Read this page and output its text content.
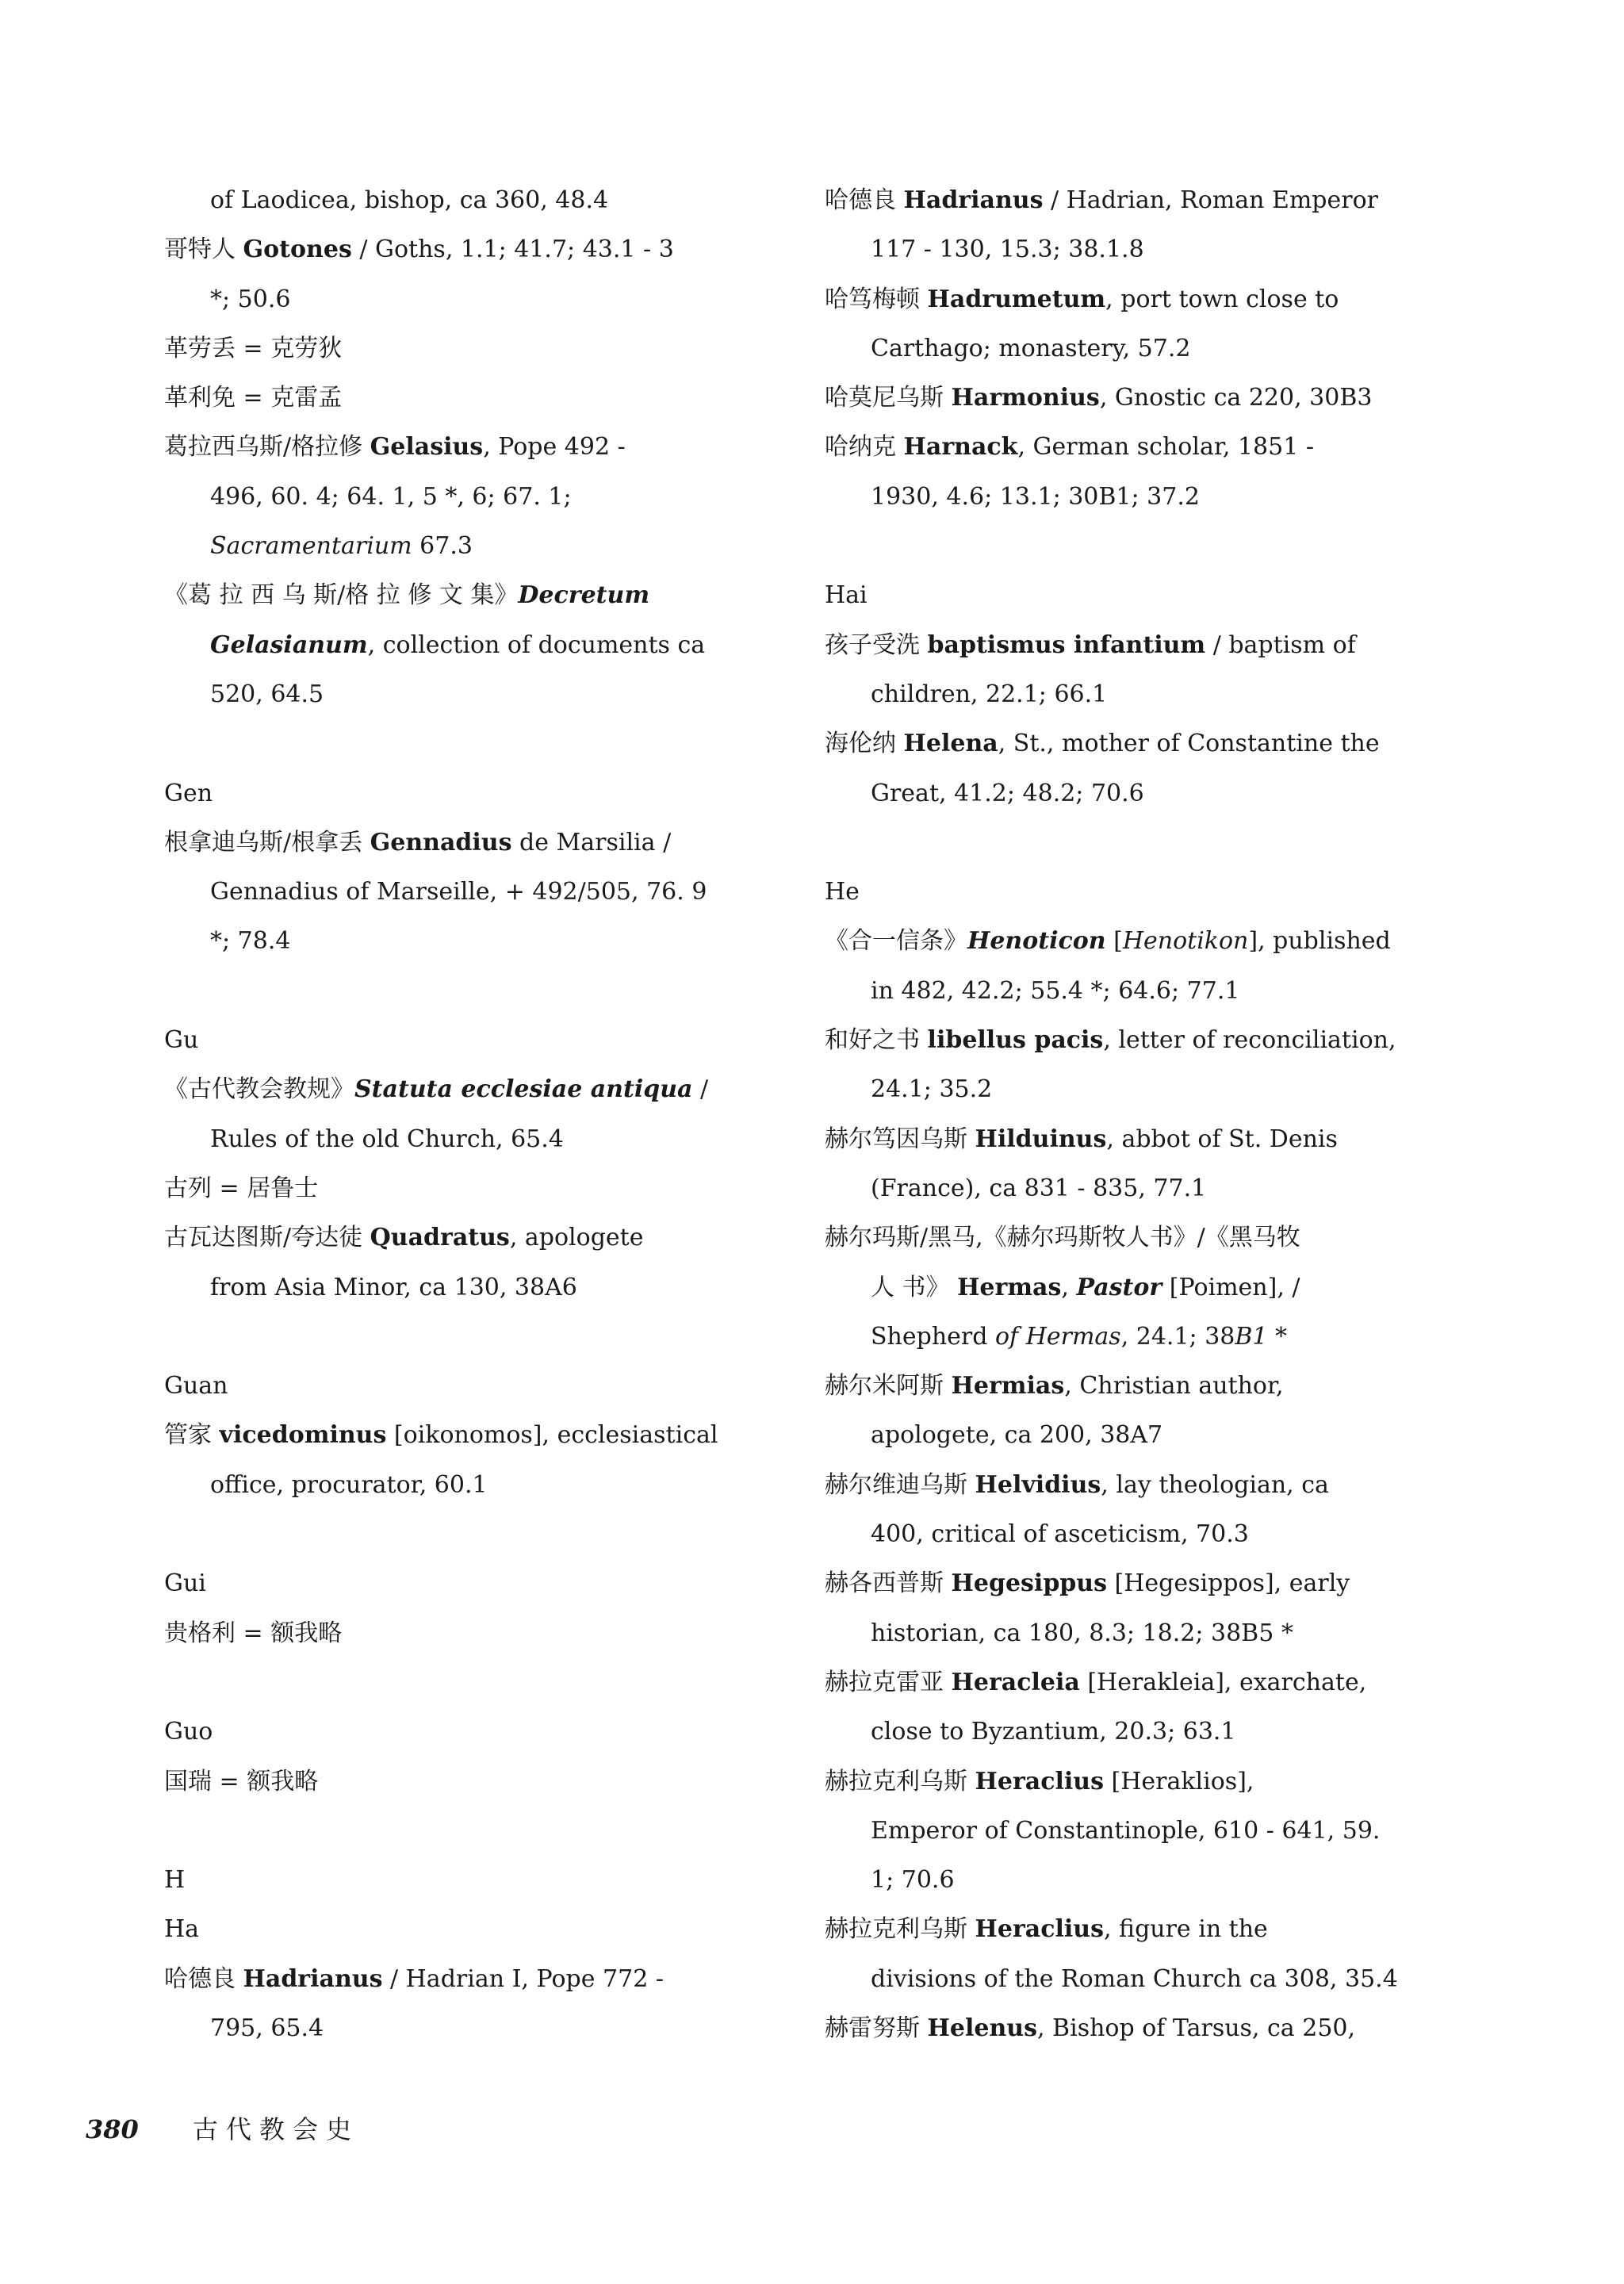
of Laodicea, bishop, ca 360, 48.4
哥特人 Gotones / Goths, 1.1; 41.7; 43.1 - 3
*; 50.6
革劳丢 = 克劳狄
革利免 = 克雷孟
葛拉西乌斯/格拉修 Gelasius, Pope 492 -
496, 60. 4; 64. 1, 5 *, 6; 67. 1;
Sacramentarium 67.3
《葛 拉 西 乌 斯/格 拉 修 文 集》Decretum
Gelasianum, collection of documents ca
520, 64.5
Gen
根拿迪乌斯/根拿丢 Gennadius de Marsilia /
Gennadius of Marseille, + 492/505, 76. 9
*; 78.4
Gu
《古代教会教规》Statuta ecclesiae antiqua /
Rules of the old Church, 65.4
古列 = 居鲁士
古瓦达图斯/夸达徒 Quadratus, apologete
from Asia Minor, ca 130, 38A6
Guan
管家 vicedominus [oikonomos], ecclesiastical
office, procurator, 60.1
Gui
贵格利 = 额我略
Guo
国瑞 = 额我略
H
Ha
哈德良 Hadrianus / Hadrian I, Pope 772 -
795, 65.4
哈德良 Hadrianus / Hadrian, Roman Emperor
117 - 130, 15.3; 38.1.8
哈笃梅顿 Hadrumetum, port town close to
Carthago; monastery, 57.2
哈莫尼乌斯 Harmonius, Gnostic ca 220, 30B3
哈纳克 Harnack, German scholar, 1851 -
1930, 4.6; 13.1; 30B1; 37.2
Hai
孩子受洗 baptismus infantium / baptism of
children, 22.1; 66.1
海伦纳 Helena, St., mother of Constantine the
Great, 41.2; 48.2; 70.6
He
《合一信条》Henoticon [Henotikon], published
in 482, 42.2; 55.4 *; 64.6; 77.1
和好之书 libellus pacis, letter of reconciliation,
24.1; 35.2
赫尔笃因乌斯 Hilduinus, abbot of St. Denis
(France), ca 831 - 835, 77.1
赫尔玛斯/黑马,《赫尔玛斯牧人书》/《黑马牧
人 书》 Hermas, Pastor [Poimen], /
Shepherd of Hermas, 24.1; 38B1 *
赫尔米阿斯 Hermias, Christian author,
apologete, ca 200, 38A7
赫尔维迪乌斯 Helvidius, lay theologian, ca
400, critical of asceticism, 70.3
赫各西普斯 Hegesippus [Hegesippos], early
historian, ca 180, 8.3; 18.2; 38B5 *
赫拉克雷亚 Heracleia [Herakleia], exarchate,
close to Byzantium, 20.3; 63.1
赫拉克利乌斯 Heraclius [Heraklios],
Emperor of Constantinople, 610 - 641, 59.
1; 70.6
赫拉克利乌斯 Heraclius, figure in the
divisions of the Roman Church ca 308, 35.4
赫雷努斯 Helenus, Bishop of Tarsus, ca 250,
380 古代教会史
